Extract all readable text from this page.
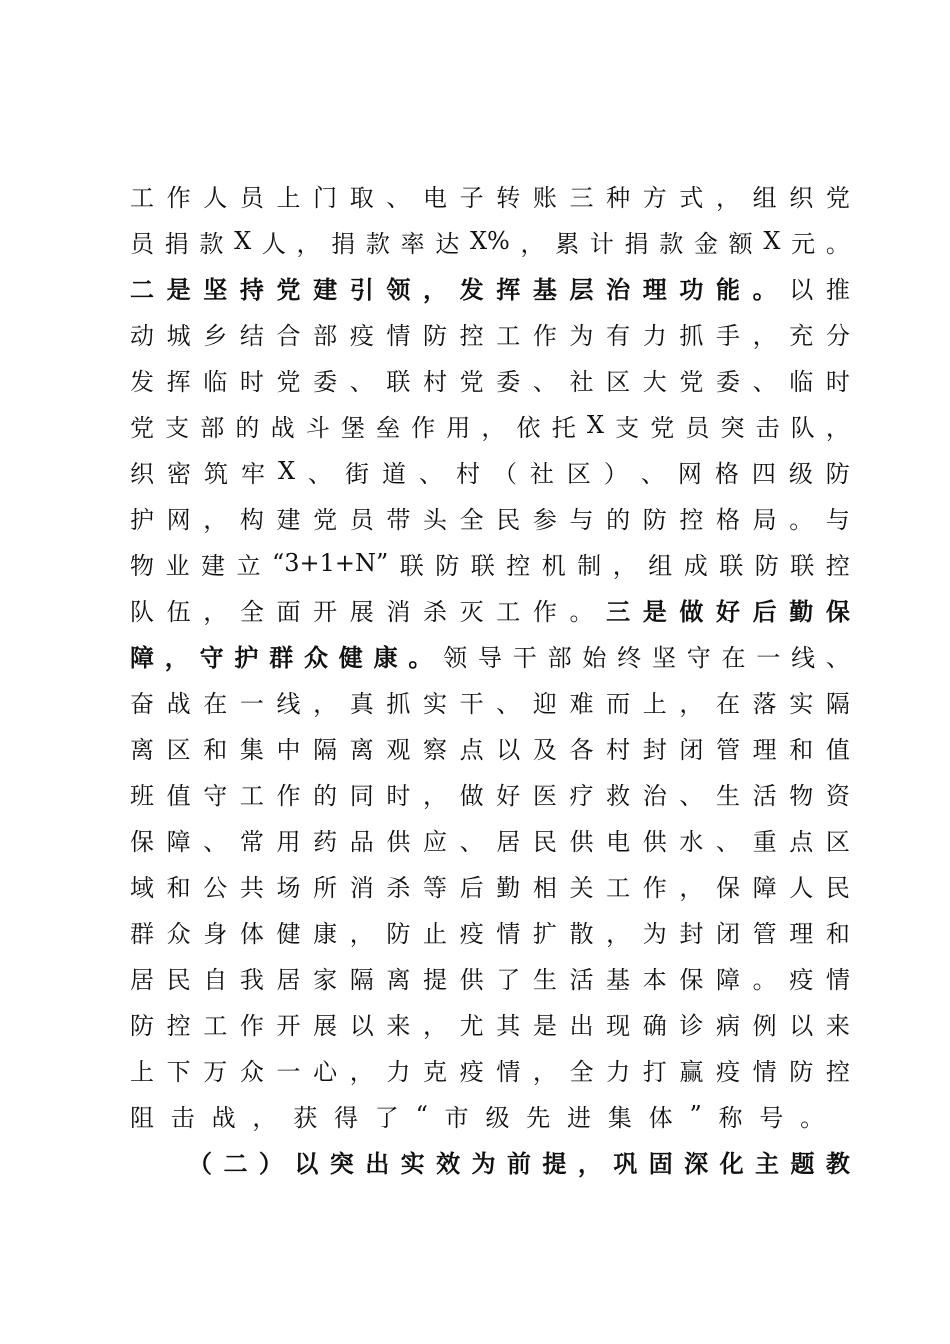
工 作 人 员 上 门 取 、 电 子 转 账 三 种 方 式 ， 组 织 党
员 捐 款 X 人 ， 捐 款 率 达 X% ， 累 计 捐 款 金 额 X 元 。
二 是 坚 持 党 建 引 领 ， 发 挥 基 层 治 理 功 能 。 以 推
动 城 乡 结 合 部 疫 情 防 控 工 作 为 有 力 抓 手 ， 充 分
发 挥 临 时 党 委 、 联 村 党 委 、 社 区 大 党 委 、 临 时
党 支 部 的 战 斗 堡 垒 作 用 ， 依 托 X 支 党 员 突 击 队 ，
织 密 筑 牢 X 、 街 道 、 村 （ 社 区 ） 、 网 格 四 级 防
护 网 ， 构 建 党 员 带 头 全 民 参 与 的 防 控 格 局 。 与
物 业 建 立 “3+1+N” 联 防 联 控 机 制 ， 组 成 联 防 联 控
队 伍 ， 全 面 开 展 消 杀 灭 工 作 。 三 是 做 好 后 勤 保
障 ， 守 护 群 众 健 康 。 领 导 干 部 始 终 坚 守 在 一 线 、
奋 战 在 一 线 ， 真 抓 实 干 、 迎 难 而 上 ， 在 落 实 隔
离 区 和 集 中 隔 离 观 察 点 以 及 各 村 封 闭 管 理 和 值
班 值 守 工 作 的 同 时 ， 做 好 医 疗 救 治 、 生 活 物 资
保 障 、 常 用 药 品 供 应 、 居 民 供 电 供 水 、 重 点 区
域 和 公 共 场 所 消 杀 等 后 勤 相 关 工 作 ， 保 障 人 民
群 众 身 体 健 康 ， 防 止 疫 情 扩 散 ， 为 封 闭 管 理 和
居 民 自 我 居 家 隔 离 提 供 了 生 活 基 本 保 障 。 疫 情
防 控 工 作 开 展 以 来 ， 尤 其 是 出 现 确 诊 病 例 以 来
上 下 万 众 一 心 ， 力 克 疫 情 ， 全 力 打 赢 疫 情 防 控
阻 击 战 ， 获 得 了 “ 市 级 先 进 集 体 ” 称 号 。
（ 二 ） 以 突 出 实 效 为 前 提 ， 巩 固 深 化 主 题 教
